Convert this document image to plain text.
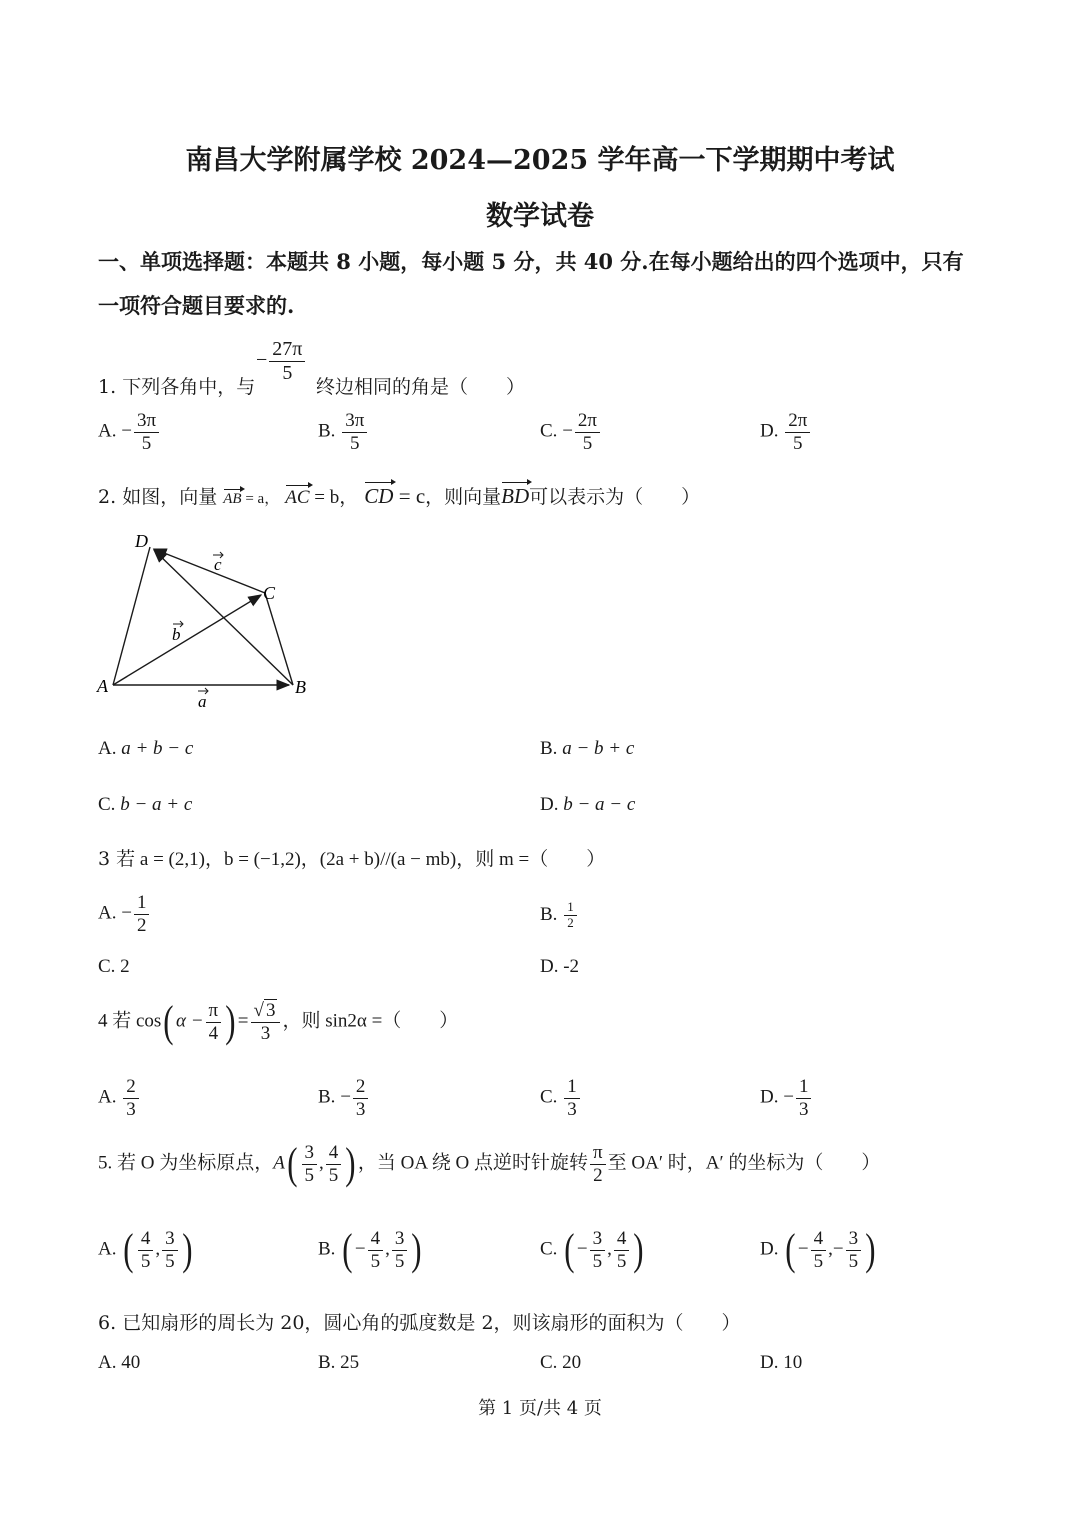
南昌大学附属学校 2024—2025 学年高一下学期期中考试
数学试卷
一、单项选择题：本题共 8 小题，每小题 5 分，共 40 分.在每小题给出的四个选项中，只有
一项符合题目要求的.
1. 下列各角中，与
− $\frac{27\pi}{5}$
终边相同的角是（　　）
A. − $\frac{3\pi}{5}$	B. $\frac{3\pi}{5}$	C. − $\frac{2\pi}{5}$	D. $\frac{2\pi}{5}$
2. 如图，向量 AB = a， AC = b， CD = c，则向量BD可以表示为（　　）
A	B
C
D
a
b
c
A. a + b − c	B. a − b + c
C. b − a + c	D. b − a − c
3 若 a = (2,1)，b = (−1,2)，(2a + b)//(a − mb)，则 m =（　　）
A. − $\frac{1}{2}$	B. $\frac{1}{2}$
C. 2	D. -2
4 若 cos( $\alpha - \frac{\pi}{4}$ ) = $\frac{√ 3}{3}$ ，则 sin2α =（　　）
A. $\frac{2}{3}$	B. − $\frac{2}{3}$	C. $\frac{1}{3}$	D. − $\frac{1}{3}$
5. 若 O 为坐标原点，$A( \frac{3}{5}$ , $\frac{4}{5}$ ) ，当 OA 绕 O 点逆时针旋转 $\frac{\pi}{2}$ 至 OA′ 时，A′ 的坐标为（　　）
A. ( $\frac{4}{5}$ , $\frac{3}{5}$ )	B. ( − $\frac{4}{5}$ , $\frac{3}{5}$ )	C. ( − $\frac{3}{5}$ , $\frac{4}{5}$ )	D. ( − $\frac{4}{5}$ ,− $\frac{3}{5}$ )
6. 已知扇形的周长为 20，圆心角的弧度数是 2，则该扇形的面积为（　　）
A. 40	B. 25	C. 20	D. 10
第 1 页/共 4 页
